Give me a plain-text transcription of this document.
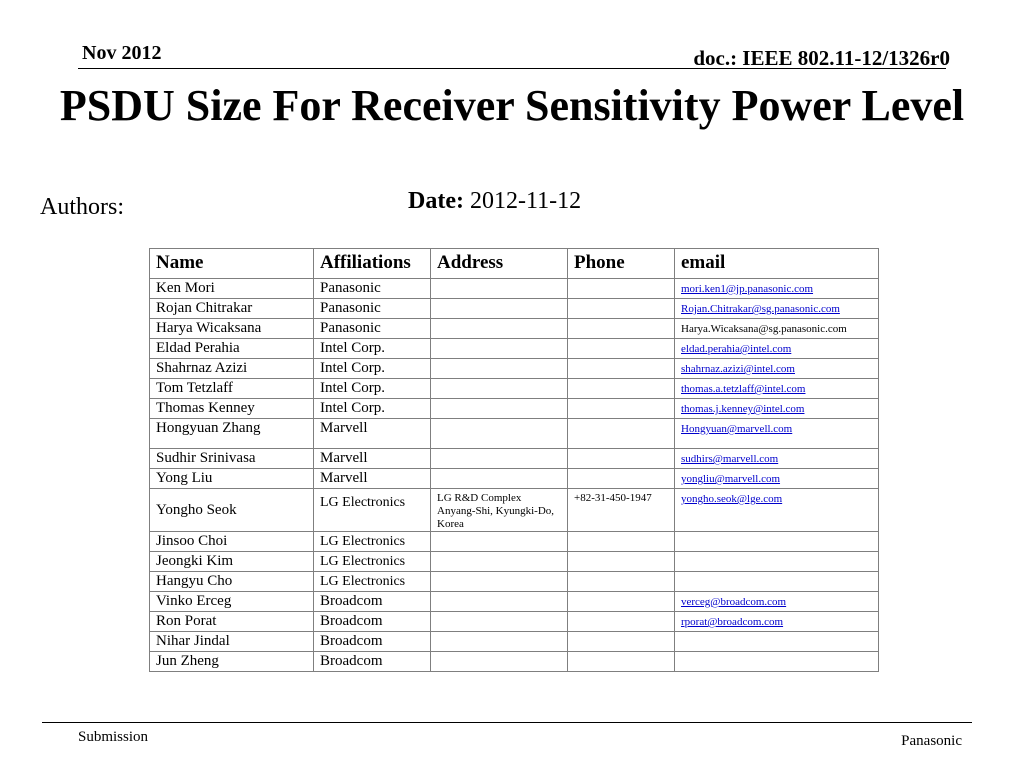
Nov 2012	doc.: IEEE 802.11-12/1326r0
PSDU Size For Receiver Sensitivity Power Level
Authors:	Date: 2012-11-12
Name	Affiliations	Address	Phone	email
Ken Mori	Panasonic			mori.ken1@jp.panasonic.com
Rojan Chitrakar	Panasonic			Rojan.Chitrakar@sg.panasonic.com
Harya Wicaksana	Panasonic			Harya.Wicaksana@sg.panasonic.com
Eldad Perahia	Intel Corp.			eldad.perahia@intel.com
Shahrnaz Azizi	Intel Corp.			shahrnaz.azizi@intel.com
Tom Tetzlaff	Intel Corp.			thomas.a.tetzlaff@intel.com
Thomas Kenney	Intel Corp.			thomas.j.kenney@intel.com
Hongyuan Zhang	Marvell			Hongyuan@marvell.com
Sudhir Srinivasa	Marvell			sudhirs@marvell.com
Yong Liu	Marvell			yongliu@marvell.com
Yongho Seok	LG Electronics	LG R&D Complex Anyang-Shi, Kyungki-Do, Korea	+82-31-450-1947	yongho.seok@lge.com
Jinsoo Choi	LG Electronics			
Jeongki Kim	LG Electronics			
Hangyu Cho	LG Electronics			
Vinko Erceg	Broadcom			verceg@broadcom.com
Ron Porat	Broadcom			rporat@broadcom.com
Nihar Jindal	Broadcom			
Jun Zheng	Broadcom			
Submission	Panasonic
